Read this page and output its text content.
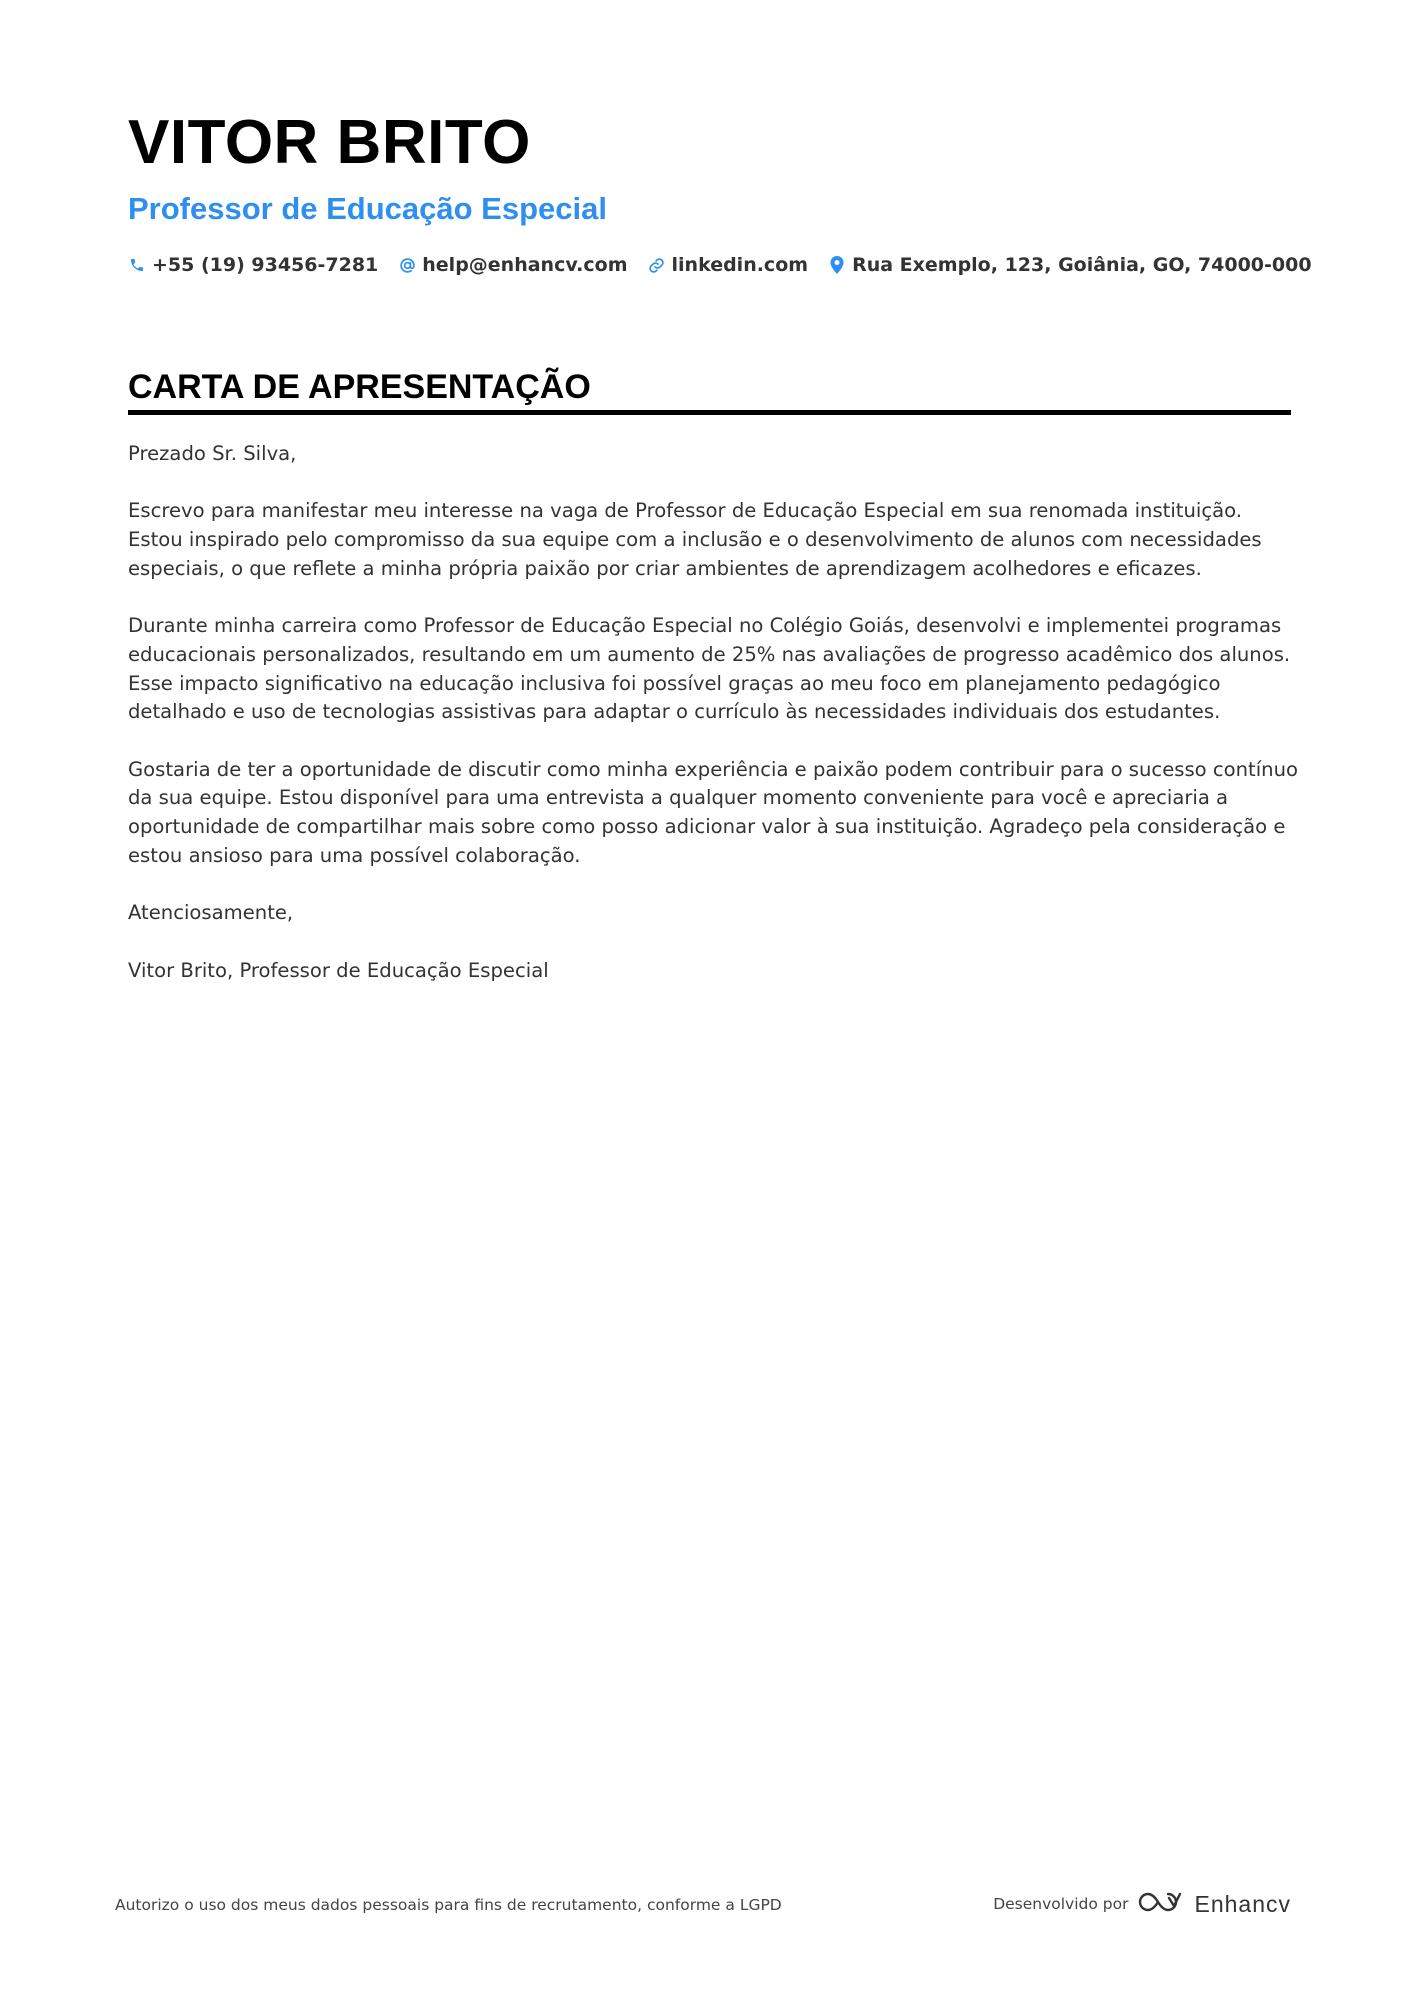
VITOR BRITO
Professor de Educação Especial
+55 (19) 93456-7281 help@enhancv.com linkedin.com Rua Exemplo, 123, Goiânia, GO, 74000-000
CARTA DE APRESENTAÇÃO

Prezado Sr. Silva,

Escrevo para manifestar meu interesse na vaga de Professor de Educação Especial em sua renomada instituição. Estou inspirado pelo compromisso da sua equipe com a inclusão e o desenvolvimento de alunos com necessidades especiais, o que reflete a minha própria paixão por criar ambientes de aprendizagem acolhedores e eficazes.

Durante minha carreira como Professor de Educação Especial no Colégio Goiás, desenvolvi e implementei programas educacionais personalizados, resultando em um aumento de 25% nas avaliações de progresso acadêmico dos alunos. Esse impacto significativo na educação inclusiva foi possível graças ao meu foco em planejamento pedagógico detalhado e uso de tecnologias assistivas para adaptar o currículo às necessidades individuais dos estudantes.

Gostaria de ter a oportunidade de discutir como minha experiência e paixão podem contribuir para o sucesso contínuo da sua equipe. Estou disponível para uma entrevista a qualquer momento conveniente para você e apreciaria a oportunidade de compartilhar mais sobre como posso adicionar valor à sua instituição. Agradeço pela consideração e estou ansioso para uma possível colaboração.

Atenciosamente,

Vitor Brito, Professor de Educação Especial

Autorizo o uso dos meus dados pessoais para fins de recrutamento, conforme a LGPD	Desenvolvido por	Enhancv
